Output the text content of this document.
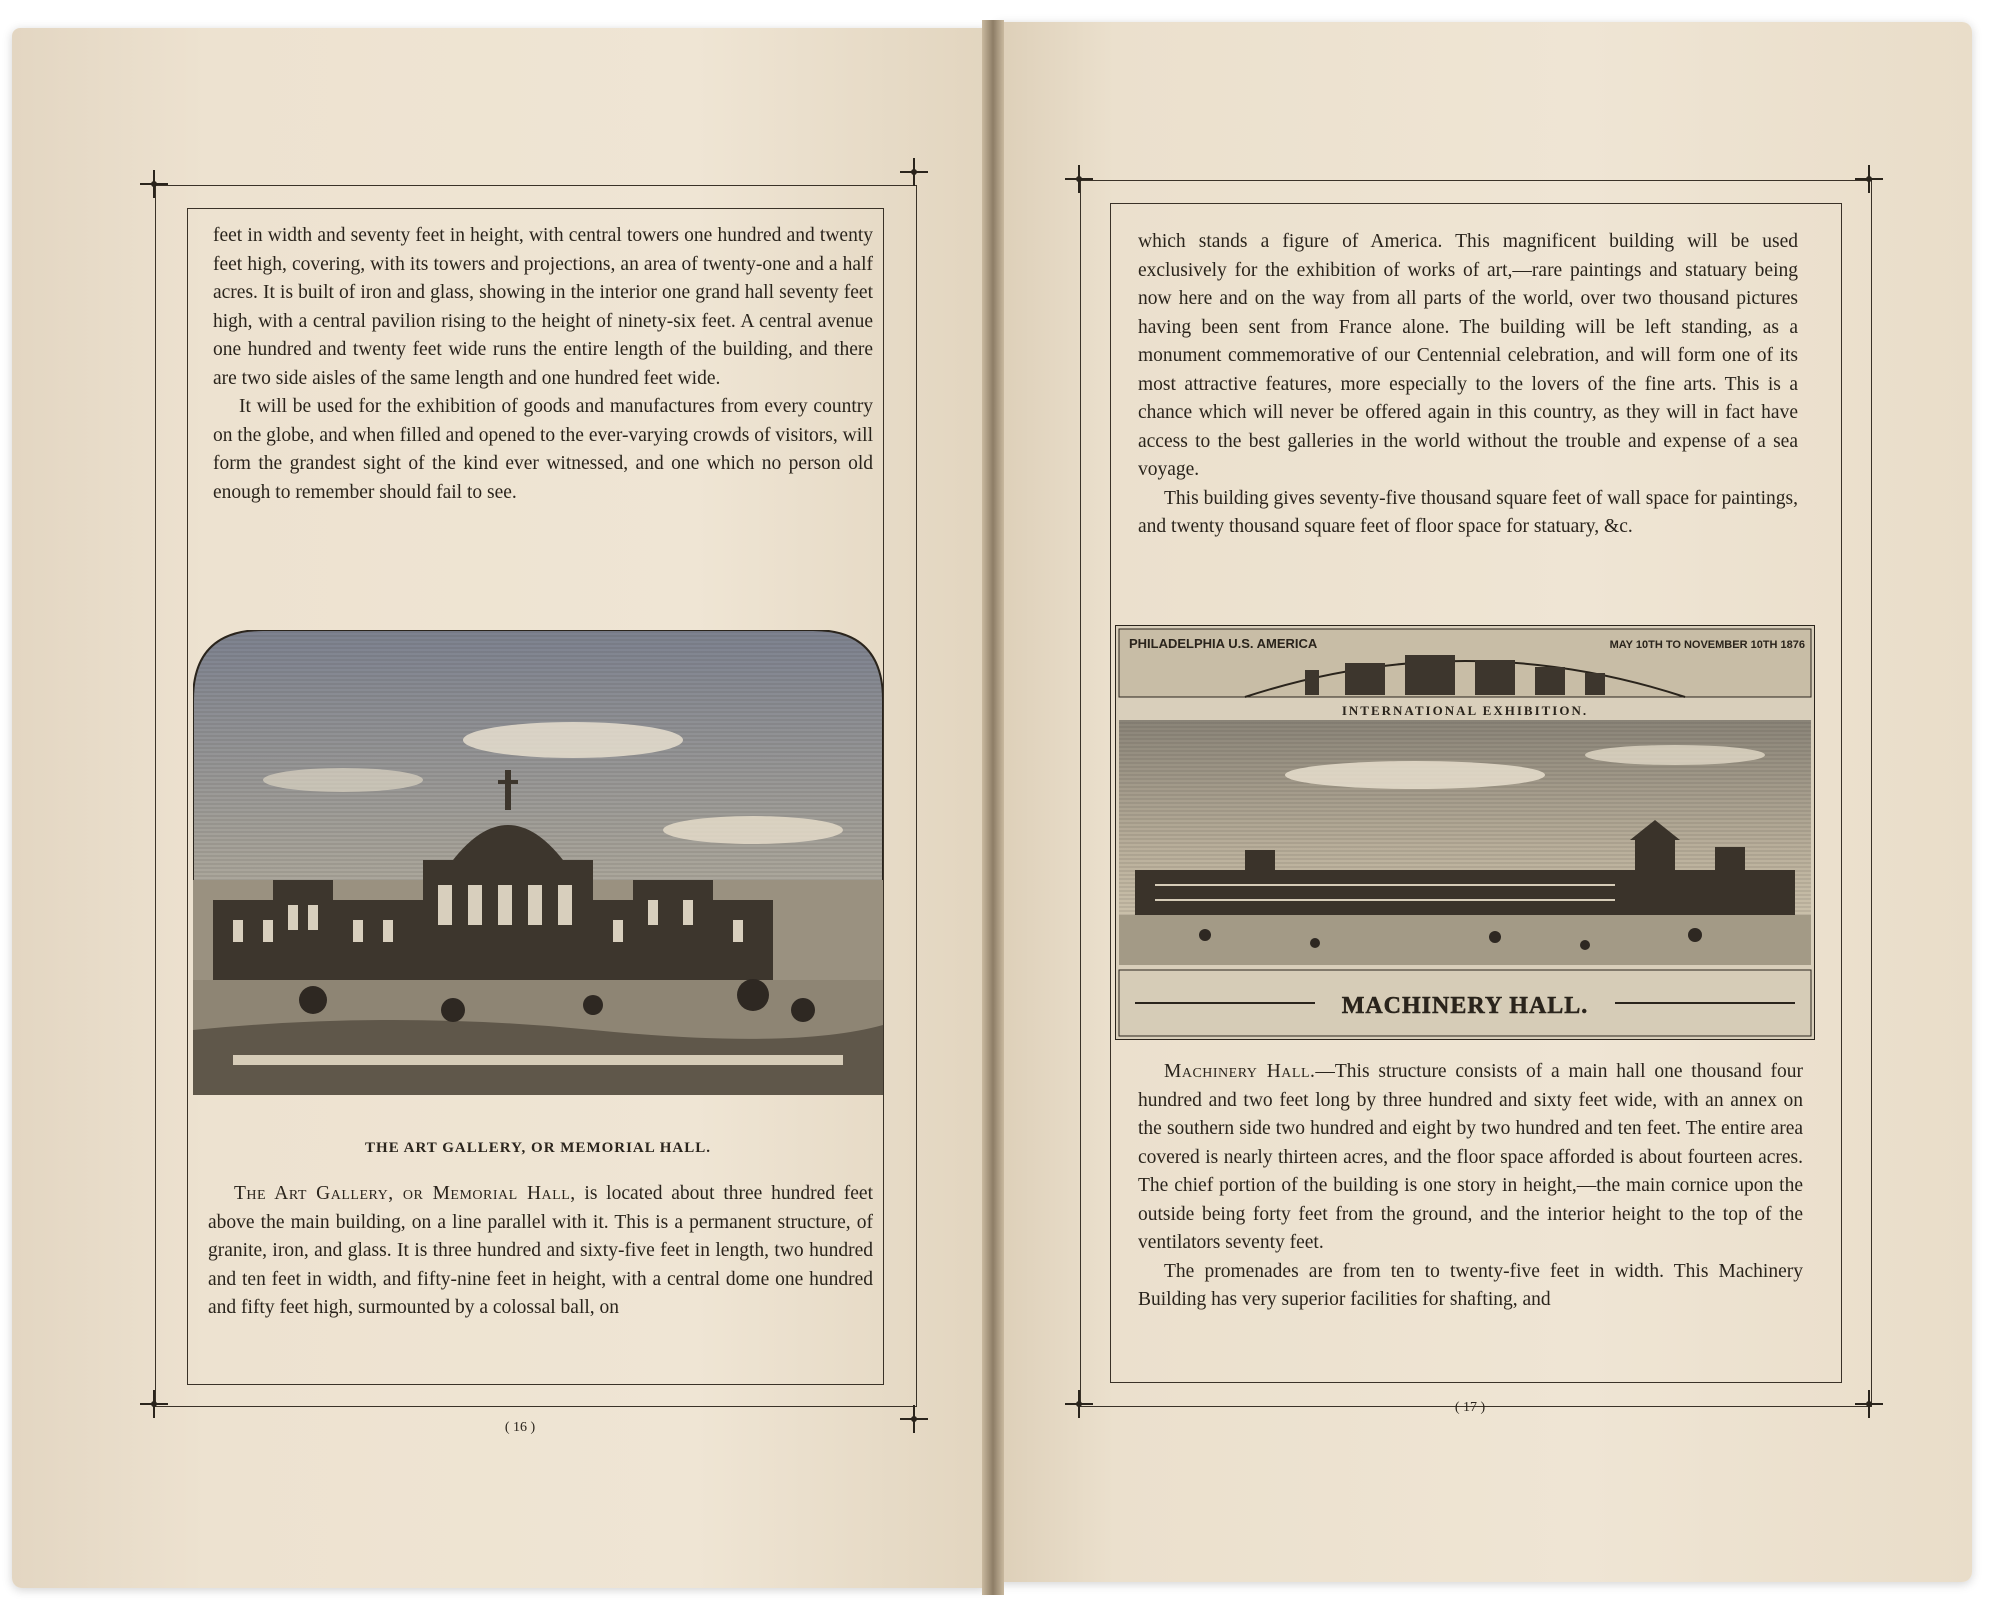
feet in width and seventy feet in height, with central towers one hundred and twenty feet high, covering, with its towers and projections, an area of twenty-one and a half acres. It is built of iron and glass, showing in the interior one grand hall seventy feet high, with a central pavilion rising to the height of ninety-six feet. A central avenue one hundred and twenty feet wide runs the entire length of the building, and there are two side aisles of the same length and one hundred feet wide.

It will be used for the exhibition of goods and manufactures from every country on the globe, and when filled and opened to the ever-varying crowds of visitors, will form the grandest sight of the kind ever witnessed, and one which no person old enough to remember should fail to see.

THE ART GALLERY, OR MEMORIAL HALL.

The Art Gallery, or Memorial Hall, is located about three hundred feet above the main building, on a line parallel with it. This is a permanent structure, of granite, iron, and glass. It is three hundred and sixty-five feet in length, two hundred and ten feet in width, and fifty-nine feet in height, with a central dome one hundred and fifty feet high, surmounted by a colossal ball, on

( 16 )

which stands a figure of America. This magnificent building will be used exclusively for the exhibition of works of art,—rare paintings and statuary being now here and on the way from all parts of the world, over two thousand pictures having been sent from France alone. The building will be left standing, as a monument commemorative of our Centennial celebration, and will form one of its most attractive features, more especially to the lovers of the fine arts. This is a chance which will never be offered again in this country, as they will in fact have access to the best galleries in the world without the trouble and expense of a sea voyage.

This building gives seventy-five thousand square feet of wall space for paintings, and twenty thousand square feet of floor space for statuary, &c.

PHILADELPHIA U.S. AMERICA	MAY 10TH TO NOVEMBER 10TH 1876
INTERNATIONAL EXHIBITION.
MACHINERY HALL.

Machinery Hall.—This structure consists of a main hall one thousand four hundred and two feet long by three hundred and sixty feet wide, with an annex on the southern side two hundred and eight by two hundred and ten feet. The entire area covered is nearly thirteen acres, and the floor space afforded is about fourteen acres. The chief portion of the building is one story in height,—the main cornice upon the outside being forty feet from the ground, and the interior height to the top of the ventilators seventy feet.

The promenades are from ten to twenty-five feet in width. This Machinery Building has very superior facilities for shafting, and

( 17 )
